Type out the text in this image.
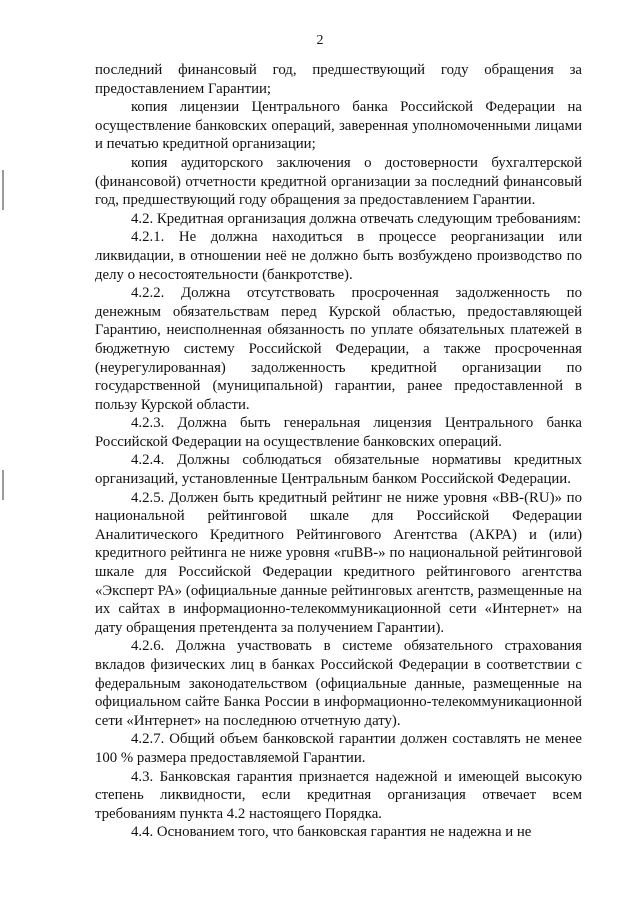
2

последний финансовый год, предшествующий году обращения за предоставлением Гарантии;

копия лицензии Центрального банка Российской Федерации на осуществление банковских операций, заверенная уполномоченными лицами и печатью кредитной организации;

копия аудиторского заключения о достоверности бухгалтерской (финансовой) отчетности кредитной организации за последний финансовый год, предшествующий году обращения за предоставлением Гарантии.

4.2. Кредитная организация должна отвечать следующим требованиям:

4.2.1. Не должна находиться в процессе реорганизации или ликвидации, в отношении неё не должно быть возбуждено производство по делу о несостоятельности (банкротстве).

4.2.2. Должна отсутствовать просроченная задолженность по денежным обязательствам перед Курской областью, предоставляющей Гарантию, неисполненная обязанность по уплате обязательных платежей в бюджетную систему Российской Федерации, а также просроченная (неурегулированная) задолженность кредитной организации по государственной (муниципальной) гарантии, ранее предоставленной в пользу Курской области.

4.2.3. Должна быть генеральная лицензия Центрального банка Российской Федерации на осуществление банковских операций.

4.2.4. Должны соблюдаться обязательные нормативы кредитных организаций, установленные Центральным банком Российской Федерации.

4.2.5. Должен быть кредитный рейтинг не ниже уровня «BB-(RU)» по национальной рейтинговой шкале для Российской Федерации Аналитического Кредитного Рейтингового Агентства (АКРА) и (или) кредитного рейтинга не ниже уровня «ruBB-» по национальной рейтинговой шкале для Российской Федерации кредитного рейтингового агентства «Эксперт РА» (официальные данные рейтинговых агентств, размещенные на их сайтах в информационно-телекоммуникационной сети «Интернет» на дату обращения претендента за получением Гарантии).

4.2.6. Должна участвовать в системе обязательного страхования вкладов физических лиц в банках Российской Федерации в соответствии с федеральным законодательством (официальные данные, размещенные на официальном сайте Банка России в информационно-телекоммуникационной сети «Интернет» на последнюю отчетную дату).

4.2.7. Общий объем банковской гарантии должен составлять не менее 100 % размера предоставляемой Гарантии.

4.3. Банковская гарантия признается надежной и имеющей высокую степень ликвидности, если кредитная организация отвечает всем требованиям пункта 4.2 настоящего Порядка.

4.4. Основанием того, что банковская гарантия не надежна и не
